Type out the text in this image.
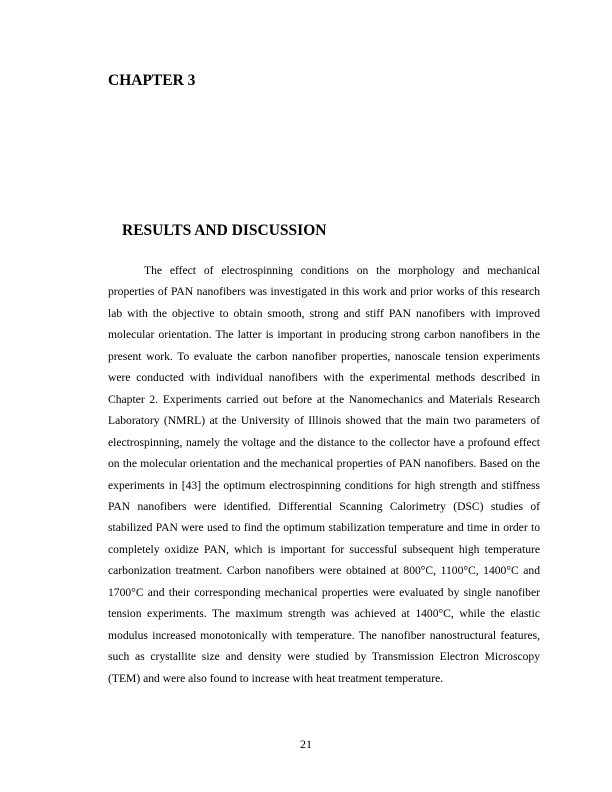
CHAPTER 3
RESULTS AND DISCUSSION

The effect of electrospinning conditions on the morphology and mechanical properties of PAN nanofibers was investigated in this work and prior works of this research lab with the objective to obtain smooth, strong and stiff PAN nanofibers with improved molecular orientation. The latter is important in producing strong carbon nanofibers in the present work. To evaluate the carbon nanofiber properties, nanoscale tension experiments were conducted with individual nanofibers with the experimental methods described in Chapter 2. Experiments carried out before at the Nanomechanics and Materials Research Laboratory (NMRL) at the University of Illinois showed that the main two parameters of electrospinning, namely the voltage and the distance to the collector have a profound effect on the molecular orientation and the mechanical properties of PAN nanofibers. Based on the experiments in [43] the optimum electrospinning conditions for high strength and stiffness PAN nanofibers were identified. Differential Scanning Calorimetry (DSC) studies of stabilized PAN were used to find the optimum stabilization temperature and time in order to completely oxidize PAN, which is important for successful subsequent high temperature carbonization treatment. Carbon nanofibers were obtained at 800°C, 1100°C, 1400°C and 1700°C and their corresponding mechanical properties were evaluated by single nanofiber tension experiments. The maximum strength was achieved at 1400°C, while the elastic modulus increased monotonically with temperature. The nanofiber nanostructural features, such as crystallite size and density were studied by Transmission Electron Microscopy (TEM) and were also found to increase with heat treatment temperature.

21
